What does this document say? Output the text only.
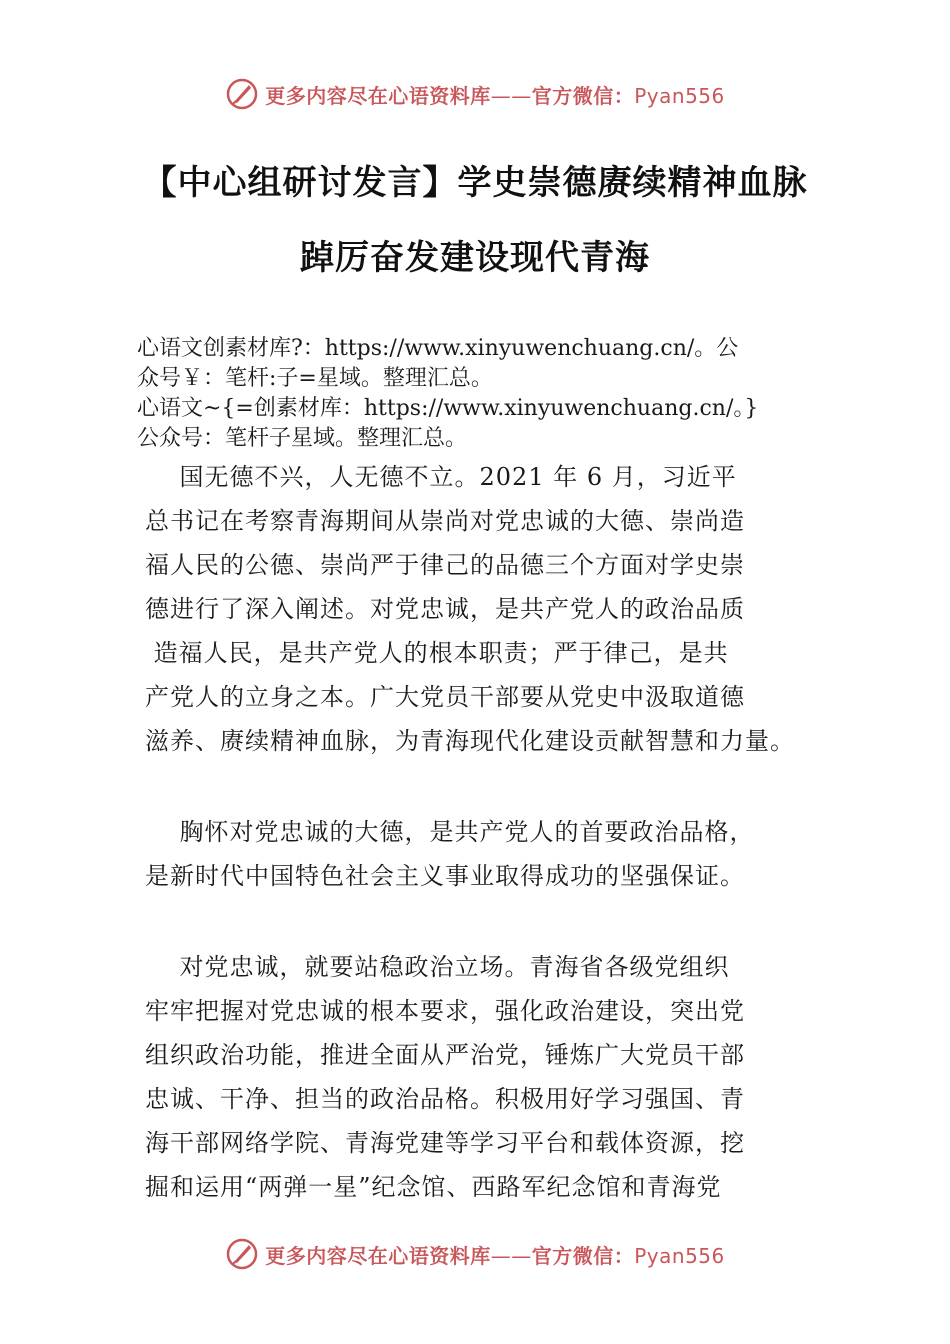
更多内容尽在心语资料库——官方微信：Pyan556
【中心组研讨发言】学史崇德赓续精神血脉
踔厉奋发建设现代青海
心语文创素材库?：https://www.xinyuwenchuang.cn/。公
众号￥：笔杆:子=星域。整理汇总。
心语文~{=创素材库：https://www.xinyuwenchuang.cn/。}
公众号：笔杆子星域。整理汇总。
国无德不兴，人无德不立。2021 年 6 月，习近平
总书记在考察青海期间从崇尚对党忠诚的大德、崇尚造
福人民的公德、崇尚严于律己的品德三个方面对学史崇
德进行了深入阐述。对党忠诚，是共产党人的政治品质
造福人民，是共产党人的根本职责；严于律己，是共
产党人的立身之本。广大党员干部要从党史中汲取道德
滋养、赓续精神血脉，为青海现代化建设贡献智慧和力量。
胸怀对党忠诚的大德，是共产党人的首要政治品格，
是新时代中国特色社会主义事业取得成功的坚强保证。
对党忠诚，就要站稳政治立场。青海省各级党组织
牢牢把握对党忠诚的根本要求，强化政治建设，突出党
组织政治功能，推进全面从严治党，锤炼广大党员干部
忠诚、干净、担当的政治品格。积极用好学习强国、青
海干部网络学院、青海党建等学习平台和载体资源，挖
掘和运用“两弹一星”纪念馆、西路军纪念馆和青海党
更多内容尽在心语资料库——官方微信：Pyan556
